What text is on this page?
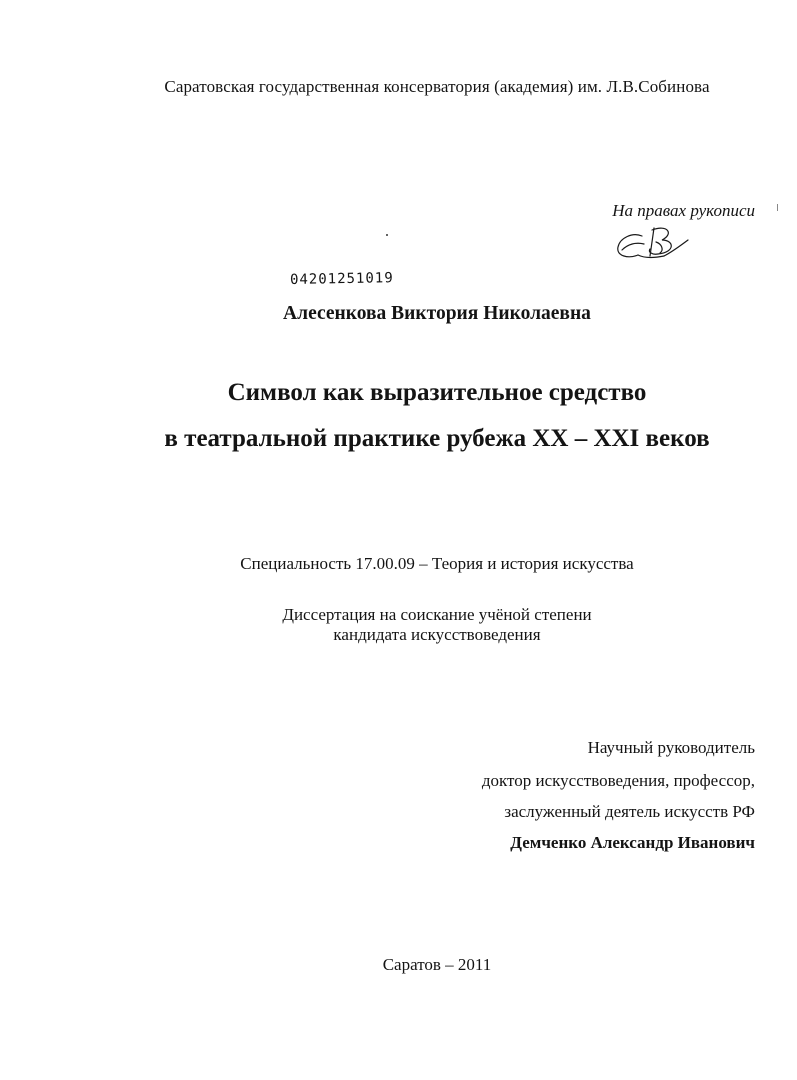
Саратовская государственная консерватория (академия) им. Л.В.Собинова
На правах рукописи
04201251019
Алесенкова Виктория Николаевна
Символ как выразительное средство
в театральной практике рубежа XX – XXI веков
Специальность 17.00.09 – Теория и история искусства
Диссертация на соискание учёной степени
кандидата искусствоведения
Научный руководитель
доктор искусствоведения, профессор,
заслуженный деятель искусств РФ
Демченко Александр Иванович
Саратов – 2011
